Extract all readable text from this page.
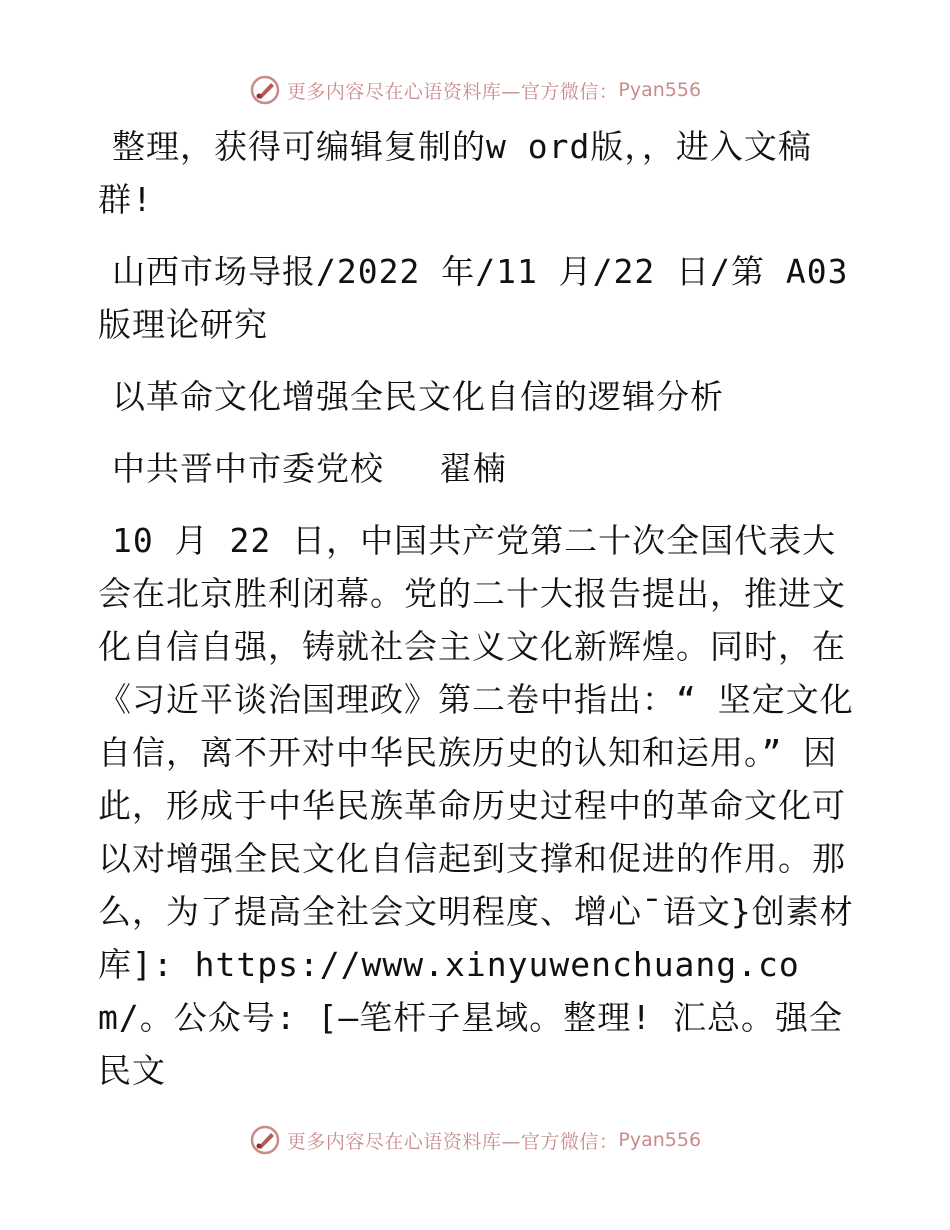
更多内容尽在心语资料库—官方微信： Pyan556

整理，获得可编辑复制的w ord版，，进入文稿群!

山西市场导报/2022 年/11 月/22 日/第 A03 版理论研究

以革命文化增强全民文化自信的逻辑分析

中共晋中市委党校　 翟楠

10 月 22 日，中国共产党第二十次全国代表大会在北京胜利闭幕。党的二十大报告提出，推进文化自信自强，铸就社会主义文化新辉煌。同时，在《习近平谈治国理政》第二卷中指出：“ 坚定文化自信，离不开对中华民族历史的认知和运用。” 因此，形成于中华民族革命历史过程中的革命文化可以对增强全民文化自信起到支撑和促进的作用。那么，为了提高全社会文明程度、增心¯语文}创素材库]: https://www.xinyuwenchuang.com/。公众号: [—笔杆子星域。整理! 汇总。强全民文

更多内容尽在心语资料库—官方微信： Pyan556
